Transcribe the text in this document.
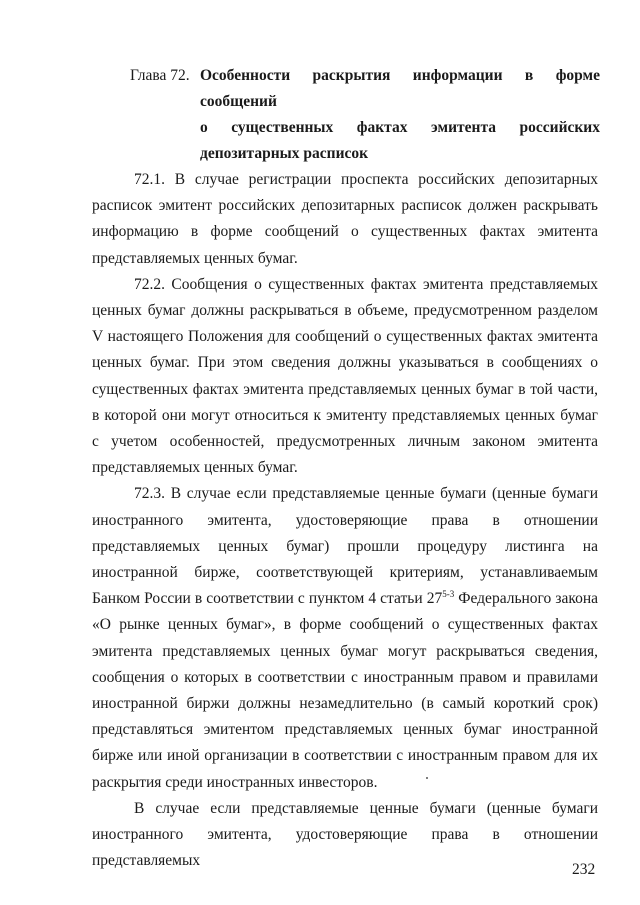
Глава 72. Особенности раскрытия информации в форме сообщений
о существенных фактах эмитента российских
депозитарных расписок

72.1. В случае регистрации проспекта российских депозитарных расписок эмитент российских депозитарных расписок должен раскрывать информацию в форме сообщений о существенных фактах эмитента представляемых ценных бумаг.

72.2. Сообщения о существенных фактах эмитента представляемых ценных бумаг должны раскрываться в объеме, предусмотренном разделом V настоящего Положения для сообщений о существенных фактах эмитента ценных бумаг. При этом сведения должны указываться в сообщениях о существенных фактах эмитента представляемых ценных бумаг в той части, в которой они могут относиться к эмитенту представляемых ценных бумаг с учетом особенностей, предусмотренных личным законом эмитента представляемых ценных бумаг.

72.3. В случае если представляемые ценные бумаги (ценные бумаги иностранного эмитента, удостоверяющие права в отношении представляемых ценных бумаг) прошли процедуру листинга на иностранной бирже, соответствующей критериям, устанавливаемым Банком России в соответствии с пунктом 4 статьи 27$^{5-3}$ Федерального закона «О рынке ценных бумаг», в форме сообщений о существенных фактах эмитента представляемых ценных бумаг могут раскрываться сведения, сообщения о которых в соответствии с иностранным правом и правилами иностранной биржи должны незамедлительно (в самый короткий срок) представляться эмитентом представляемых ценных бумаг иностранной бирже или иной организации в соответствии с иностранным правом для их раскрытия среди иностранных инвесторов.

В случае если представляемые ценные бумаги (ценные бумаги иностранного эмитента, удостоверяющие права в отношении представляемых

232
